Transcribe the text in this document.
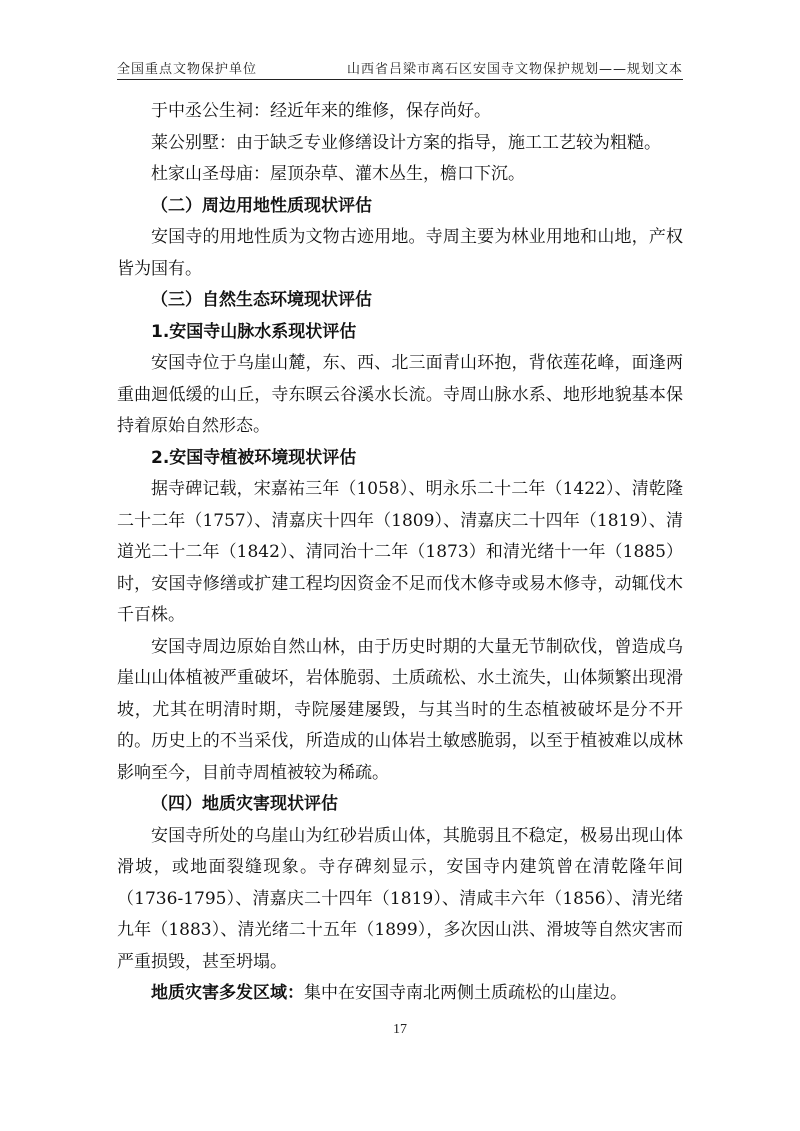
全国重点文物保护单位	山西省吕梁市离石区安国寺文物保护规划——规划文本

于中丞公生祠：经近年来的维修，保存尚好。

莱公别墅：由于缺乏专业修缮设计方案的指导，施工工艺较为粗糙。

杜家山圣母庙：屋顶杂草、灌木丛生，檐口下沉。

（二）周边用地性质现状评估

安国寺的用地性质为文物古迹用地。寺周主要为林业用地和山地，产权皆为国有。

（三）自然生态环境现状评估

1.安国寺山脉水系现状评估

安国寺位于乌崖山麓，东、西、北三面青山环抱，背依莲花峰，面逢两重曲迴低缓的山丘，寺东暝云谷溪水长流。寺周山脉水系、地形地貌基本保持着原始自然形态。

2.安国寺植被环境现状评估

据寺碑记载，宋嘉祐三年（1058）、明永乐二十二年（1422）、清乾隆二十二年（1757）、清嘉庆十四年（1809）、清嘉庆二十四年（1819）、清道光二十二年（1842）、清同治十二年（1873）和清光绪十一年（1885）时，安国寺修缮或扩建工程均因资金不足而伐木修寺或易木修寺，动辄伐木千百株。

安国寺周边原始自然山林，由于历史时期的大量无节制砍伐，曾造成乌崖山山体植被严重破坏，岩体脆弱、土质疏松、水土流失，山体频繁出现滑坡，尤其在明清时期，寺院屡建屡毁，与其当时的生态植被破坏是分不开的。历史上的不当采伐，所造成的山体岩土敏感脆弱，以至于植被难以成林影响至今，目前寺周植被较为稀疏。

（四）地质灾害现状评估

安国寺所处的乌崖山为红砂岩质山体，其脆弱且不稳定，极易出现山体滑坡，或地面裂缝现象。寺存碑刻显示，安国寺内建筑曾在清乾隆年间（1736-1795）、清嘉庆二十四年（1819）、清咸丰六年（1856）、清光绪九年（1883）、清光绪二十五年（1899），多次因山洪、滑坡等自然灾害而严重损毁，甚至坍塌。

地质灾害多发区域：集中在安国寺南北两侧土质疏松的山崖边。

17
